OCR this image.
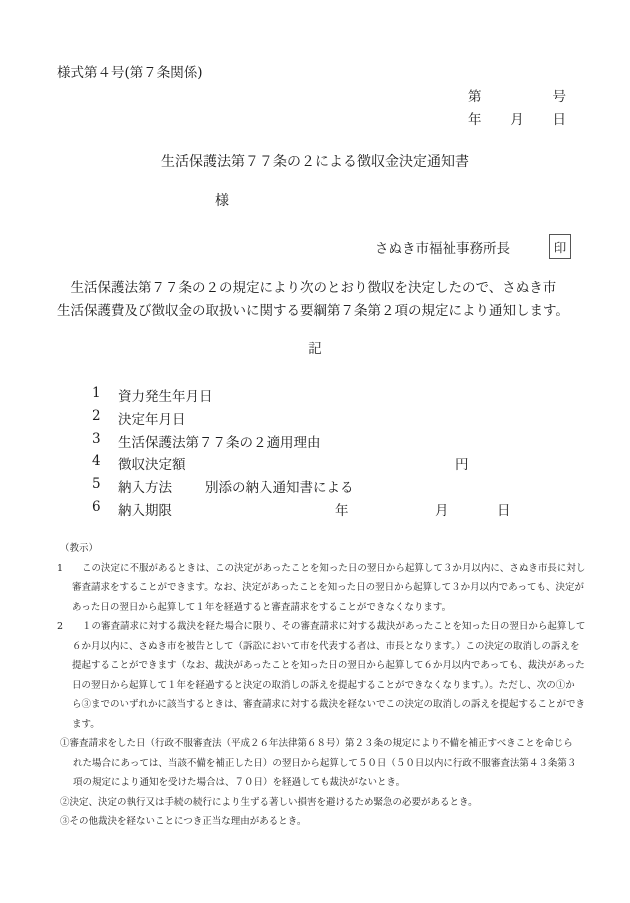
様式第４号(第７条関係)
第	号
年 月 日
生活保護法第７７条の２による徴収金決定通知書
様
さぬき市福祉事務所長	印
　生活保護法第７７条の２の規定により次のとおり徴収を決定したので、さぬき市
生活保護費及び徴収金の取扱いに関する要綱第７条第２項の規定により通知します。
記
1 資力発生年月日
2 決定年月日
3 生活保護法第７７条の２適用理由
4 徴収決定額	円
5 納入方法 別添の納入通知書による
6 納入期限	年	月	日
（教示）
1 この決定に不服があるときは、この決定があったことを知った日の翌日から起算して３か月以内に、さぬき市長に対し
審査請求をすることができます。なお、決定があったことを知った日の翌日から起算して３か月以内であっても、決定が
あった日の翌日から起算して１年を経過すると審査請求をすることができなくなります。
2 １の審査請求に対する裁決を経た場合に限り、その審査請求に対する裁決があったことを知った日の翌日から起算して
６か月以内に、さぬき市を被告として（訴訟において市を代表する者は、市長となります。）この決定の取消しの訴えを
提起することができます（なお、裁決があったことを知った日の翌日から起算して６か月以内であっても、裁決があった
日の翌日から起算して１年を経過すると決定の取消しの訴えを提起することができなくなります。）。ただし、次の①か
ら③までのいずれかに該当するときは、審査請求に対する裁決を経ないでこの決定の取消しの訴えを提起することができ
ます。
①審査請求をした日（行政不服審査法（平成２６年法律第６８号）第２３条の規定により不備を補正すべきことを命じら
れた場合にあっては、当該不備を補正した日）の翌日から起算して５０日（５０日以内に行政不服審査法第４３条第３
項の規定により通知を受けた場合は、７０日）を経過しても裁決がないとき。
②決定、決定の執行又は手続の続行により生ずる著しい損害を避けるため緊急の必要があるとき。
③その他裁決を経ないことにつき正当な理由があるとき。
